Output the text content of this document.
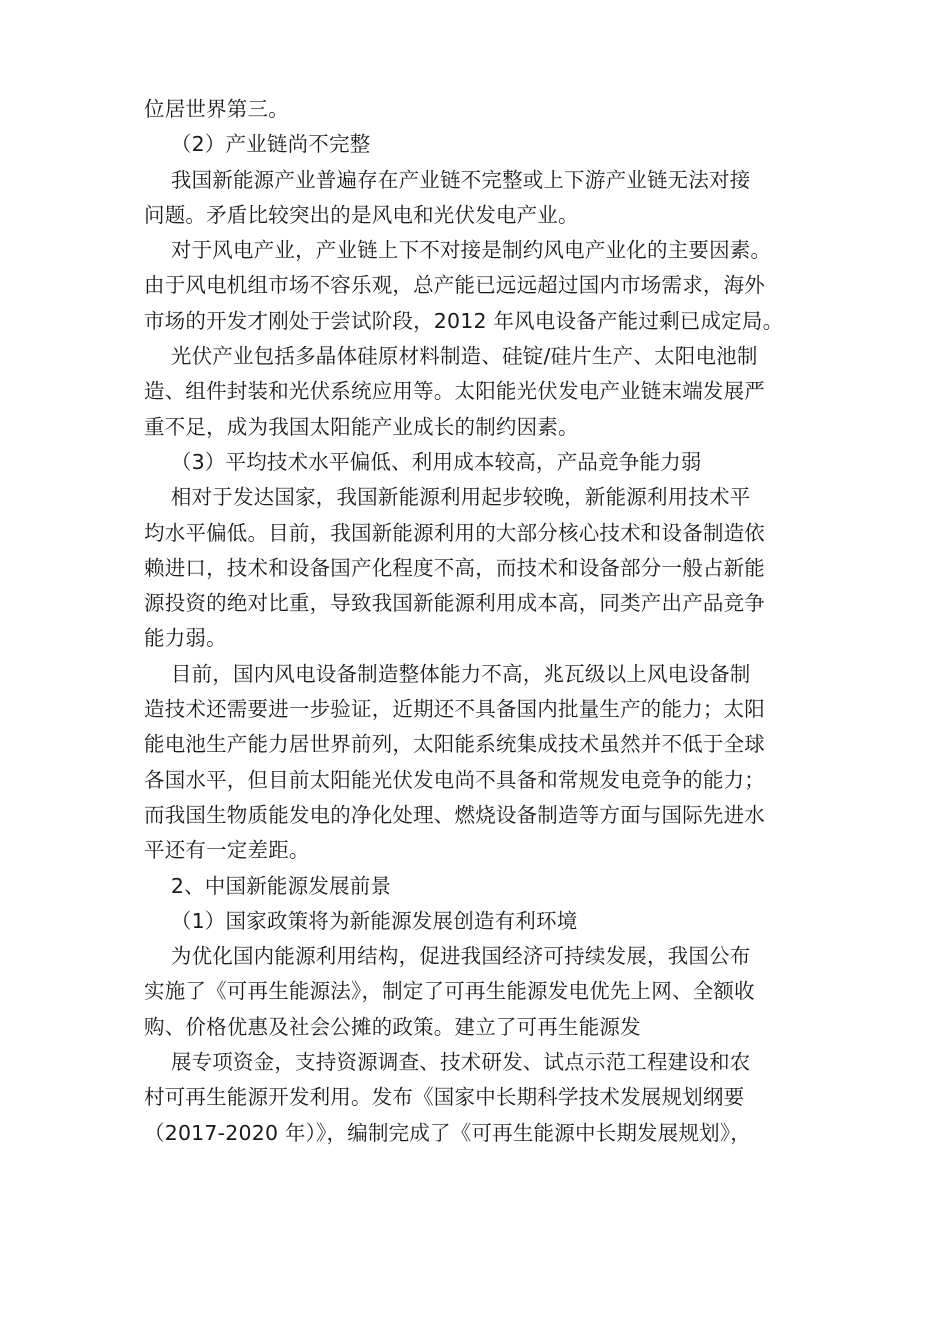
位居世界第三。
（2）产业链尚不完整
我国新能源产业普遍存在产业链不完整或上下游产业链无法对接
问题。矛盾比较突出的是风电和光伏发电产业。
对于风电产业，产业链上下不对接是制约风电产业化的主要因素。
由于风电机组市场不容乐观，总产能已远远超过国内市场需求，海外
市场的开发才刚处于尝试阶段，2012 年风电设备产能过剩已成定局。
光伏产业包括多晶体硅原材料制造、硅锭/硅片生产、太阳电池制
造、组件封装和光伏系统应用等。太阳能光伏发电产业链末端发展严
重不足，成为我国太阳能产业成长的制约因素。
（3）平均技术水平偏低、利用成本较高，产品竞争能力弱
相对于发达国家，我国新能源利用起步较晚，新能源利用技术平
均水平偏低。目前，我国新能源利用的大部分核心技术和设备制造依
赖进口，技术和设备国产化程度不高，而技术和设备部分一般占新能
源投资的绝对比重，导致我国新能源利用成本高，同类产出产品竞争
能力弱。
目前，国内风电设备制造整体能力不高，兆瓦级以上风电设备制
造技术还需要进一步验证，近期还不具备国内批量生产的能力；太阳
能电池生产能力居世界前列，太阳能系统集成技术虽然并不低于全球
各国水平，但目前太阳能光伏发电尚不具备和常规发电竞争的能力；
而我国生物质能发电的净化处理、燃烧设备制造等方面与国际先进水
平还有一定差距。
2、中国新能源发展前景
（1）国家政策将为新能源发展创造有利环境
为优化国内能源利用结构，促进我国经济可持续发展，我国公布
实施了《可再生能源法》，制定了可再生能源发电优先上网、全额收
购、价格优惠及社会公摊的政策。建立了可再生能源发
展专项资金，支持资源调查、技术研发、试点示范工程建设和农
村可再生能源开发利用。发布《国家中长期科学技术发展规划纲要
（2017-2020 年）》，编制完成了《可再生能源中长期发展规划》，
